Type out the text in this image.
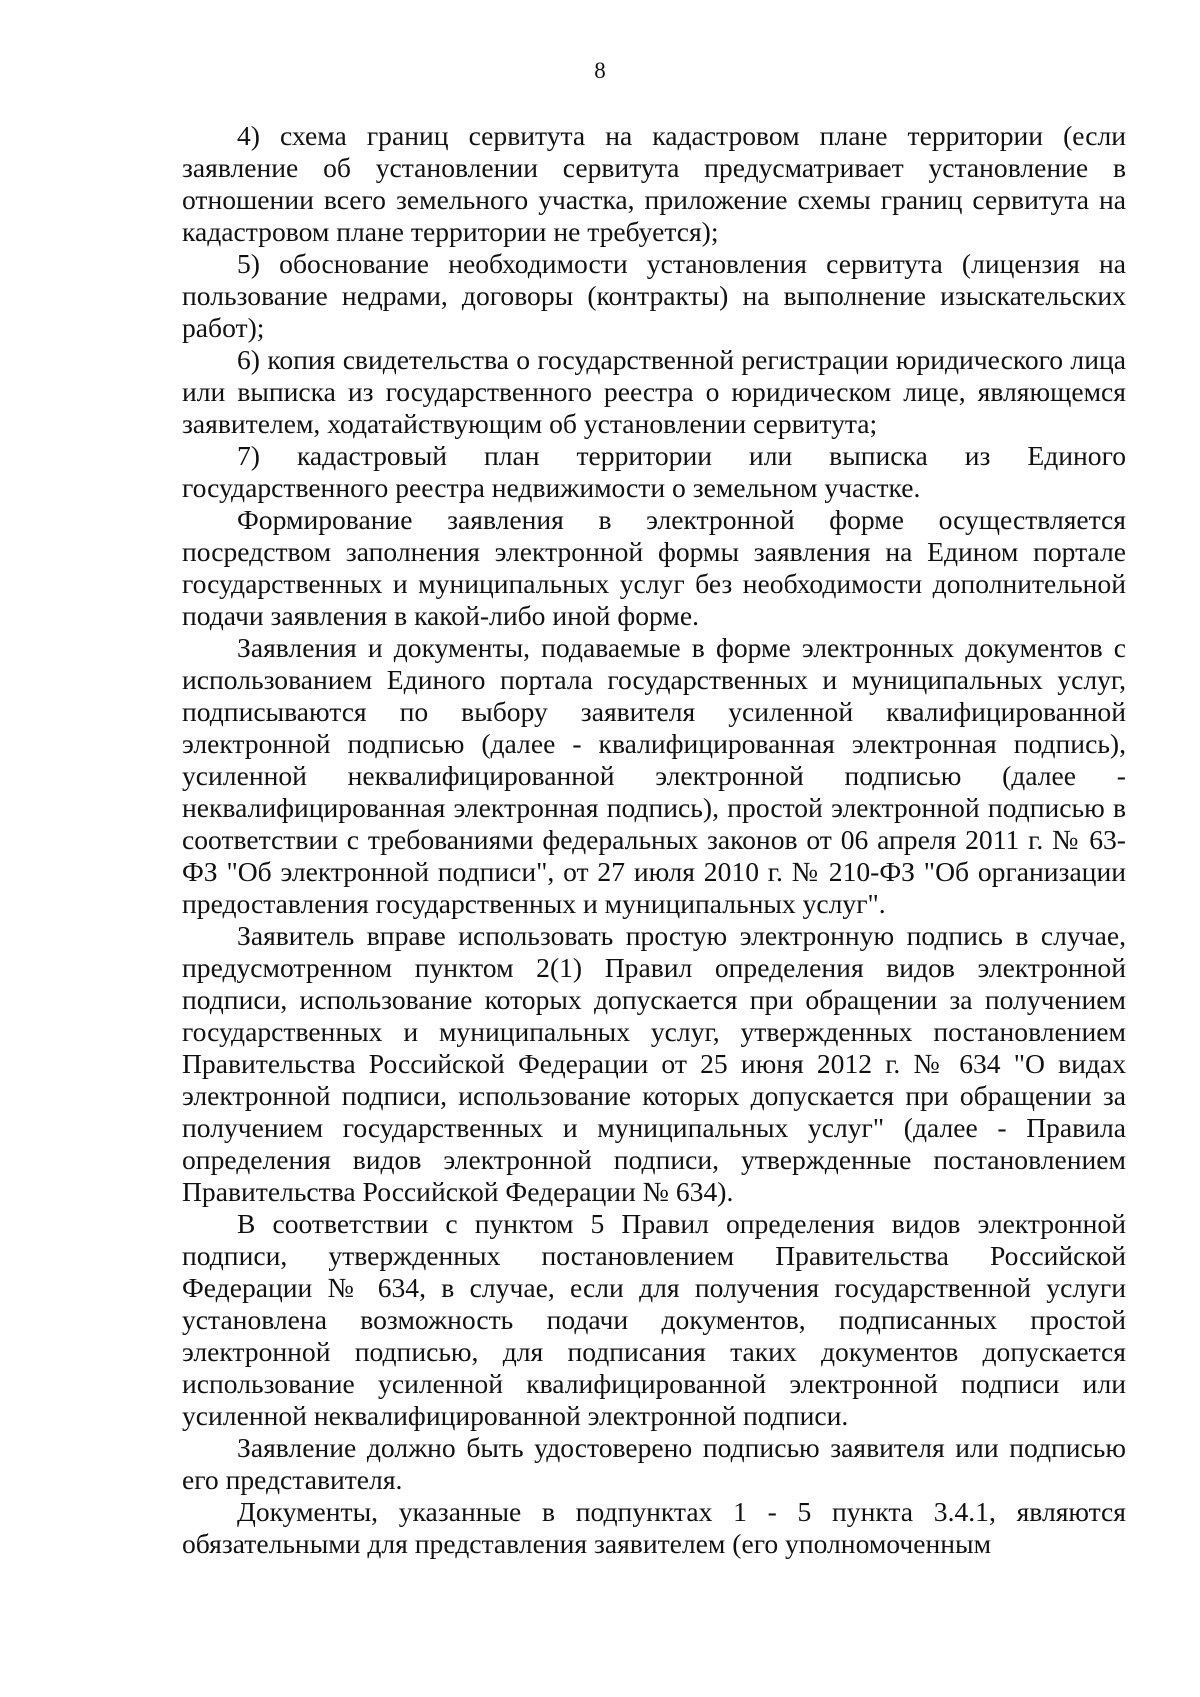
8

4) схема границ сервитута на кадастровом плане территории (если заявление об установлении сервитута предусматривает установление в отношении всего земельного участка, приложение схемы границ сервитута на кадастровом плане территории не требуется);

5) обоснование необходимости установления сервитута (лицензия на пользование недрами, договоры (контракты) на выполнение изыскательских работ);

6) копия свидетельства о государственной регистрации юридического лица или выписка из государственного реестра о юридическом лице, являющемся заявителем, ходатайствующим об установлении сервитута;

7) кадастровый план территории или выписка из Единого государственного реестра недвижимости о земельном участке.

Формирование заявления в электронной форме осуществляется посредством заполнения электронной формы заявления на Едином портале государственных и муниципальных услуг без необходимости дополнительной подачи заявления в какой-либо иной форме.

Заявления и документы, подаваемые в форме электронных документов с использованием Единого портала государственных и муниципальных услуг, подписываются по выбору заявителя усиленной квалифицированной электронной подписью (далее - квалифицированная электронная подпись), усиленной неквалифицированной электронной подписью (далее - неквалифицированная электронная подпись), простой электронной подписью в соответствии с требованиями федеральных законов от 06 апреля 2011 г. № 63-ФЗ "Об электронной подписи", от 27 июля 2010 г. № 210-ФЗ "Об организации предоставления государственных и муниципальных услуг".

Заявитель вправе использовать простую электронную подпись в случае, предусмотренном пунктом 2(1) Правил определения видов электронной подписи, использование которых допускается при обращении за получением государственных и муниципальных услуг, утвержденных постановлением Правительства Российской Федерации от 25 июня 2012 г. № 634 "О видах электронной подписи, использование которых допускается при обращении за получением государственных и муниципальных услуг" (далее - Правила определения видов электронной подписи, утвержденные постановлением Правительства Российской Федерации № 634).

В соответствии с пунктом 5 Правил определения видов электронной подписи, утвержденных постановлением Правительства Российской Федерации № 634, в случае, если для получения государственной услуги установлена возможность подачи документов, подписанных простой электронной подписью, для подписания таких документов допускается использование усиленной квалифицированной электронной подписи или усиленной неквалифицированной электронной подписи.

Заявление должно быть удостоверено подписью заявителя или подписью его представителя.

Документы, указанные в подпунктах 1 - 5 пункта 3.4.1, являются обязательными для представления заявителем (его уполномоченным
